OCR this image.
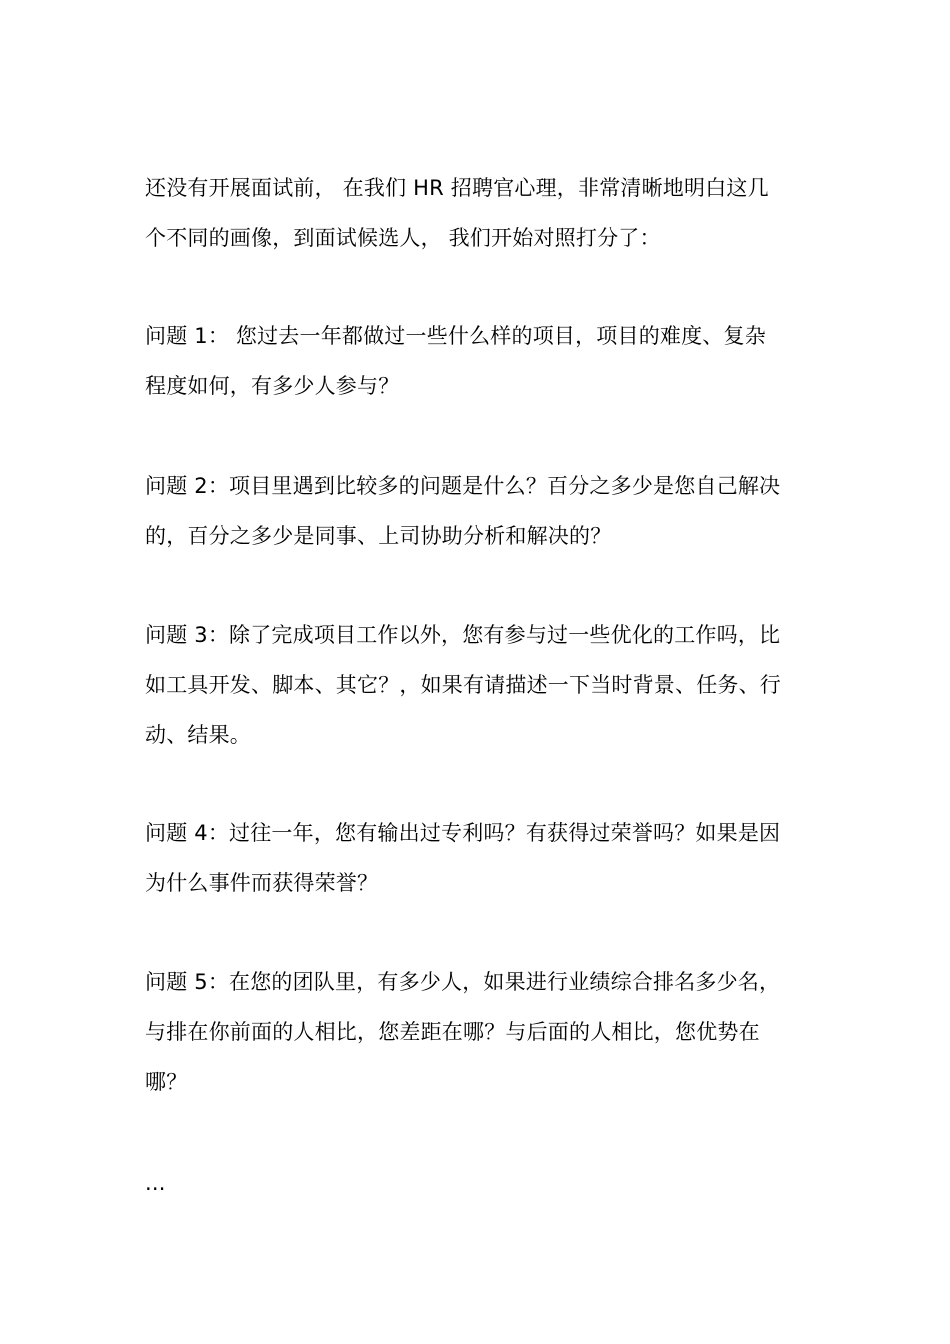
还没有开展面试前， 在我们 HR 招聘官心理，非常清晰地明白这几
个不同的画像，到面试候选人， 我们开始对照打分了：

问题 1： 您过去一年都做过一些什么样的项目，项目的难度、复杂
程度如何，有多少人参与？

问题 2：项目里遇到比较多的问题是什么？百分之多少是您自己解决
的，百分之多少是同事、上司协助分析和解决的？

问题 3：除了完成项目工作以外，您有参与过一些优化的工作吗，比
如工具开发、脚本、其它？，如果有请描述一下当时背景、任务、行
动、结果。

问题 4：过往一年，您有输出过专利吗？有获得过荣誉吗？如果是因
为什么事件而获得荣誉？

问题 5：在您的团队里，有多少人，如果进行业绩综合排名多少名，
与排在你前面的人相比，您差距在哪？与后面的人相比，您优势在
哪？

...
